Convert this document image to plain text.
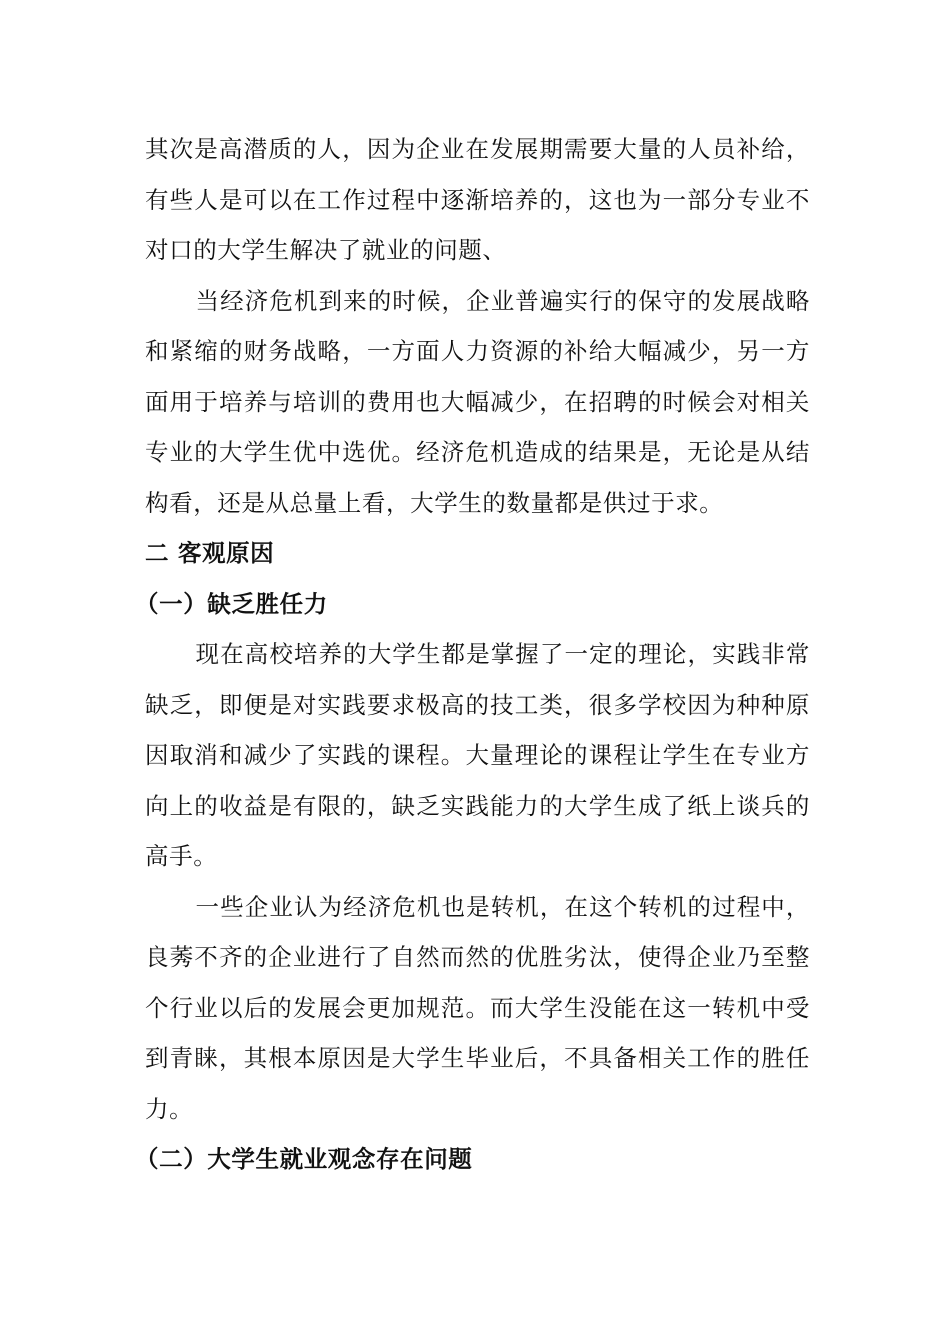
其次是高潜质的人，因为企业在发展期需要大量的人员补给，有些人是可以在工作过程中逐渐培养的，这也为一部分专业不对口的大学生解决了就业的问题、

当经济危机到来的时候，企业普遍实行的保守的发展战略和紧缩的财务战略，一方面人力资源的补给大幅减少，另一方面用于培养与培训的费用也大幅减少，在招聘的时候会对相关专业的大学生优中选优。经济危机造成的结果是，无论是从结构看，还是从总量上看，大学生的数量都是供过于求。

二 客观原因
（一）缺乏胜任力

现在高校培养的大学生都是掌握了一定的理论，实践非常缺乏，即便是对实践要求极高的技工类，很多学校因为种种原因取消和减少了实践的课程。大量理论的课程让学生在专业方向上的收益是有限的，缺乏实践能力的大学生成了纸上谈兵的高手。

一些企业认为经济危机也是转机，在这个转机的过程中，良莠不齐的企业进行了自然而然的优胜劣汰，使得企业乃至整个行业以后的发展会更加规范。而大学生没能在这一转机中受到青睐，其根本原因是大学生毕业后，不具备相关工作的胜任力。

（二）大学生就业观念存在问题
